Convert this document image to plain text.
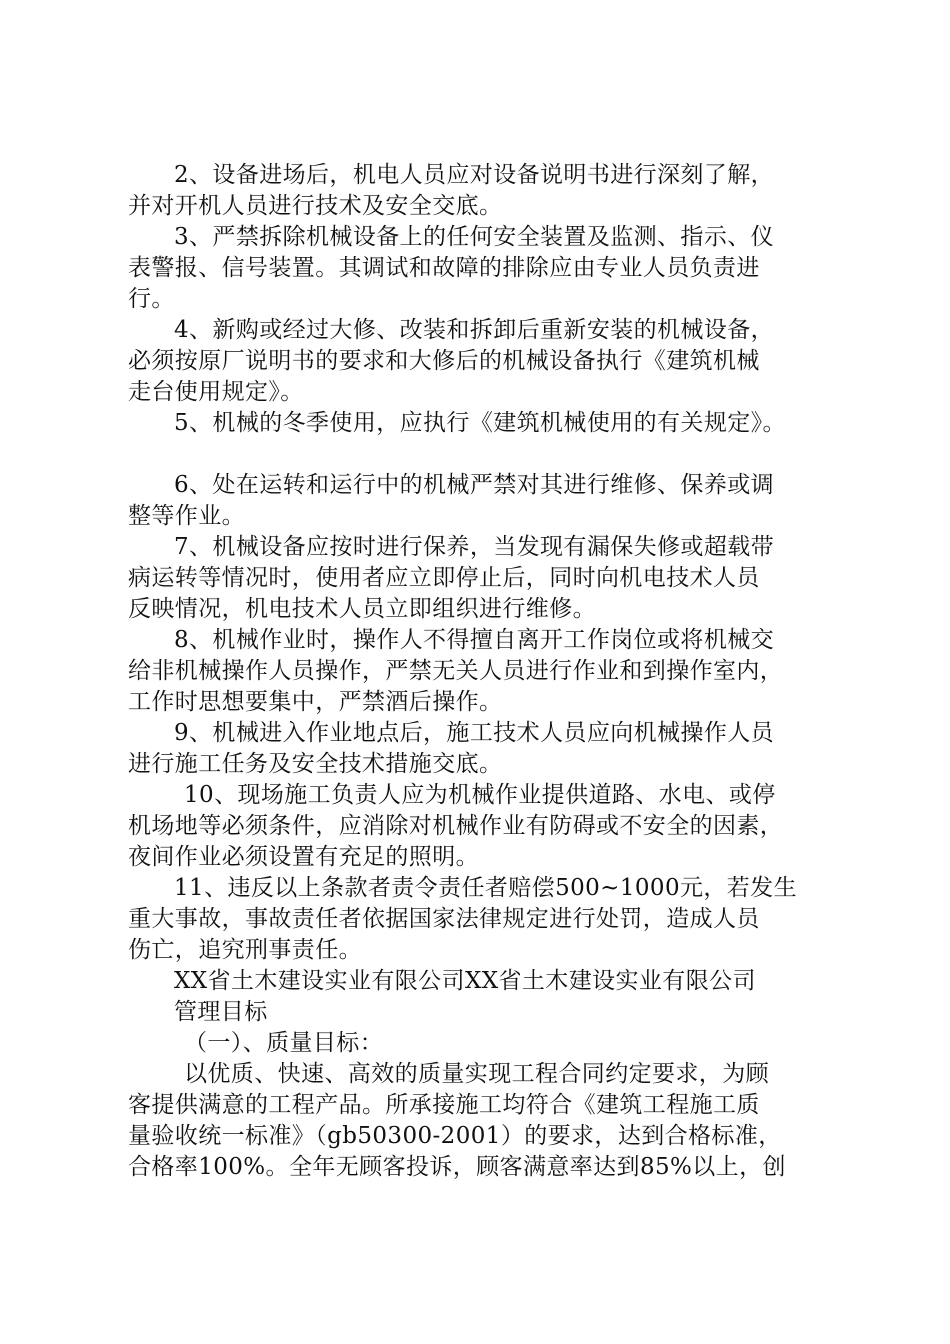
2、设备进场后，机电人员应对设备说明书进行深刻了解，
并对开机人员进行技术及安全交底。

3、严禁拆除机械设备上的任何安全装置及监测、指示、仪
表警报、信号装置。其调试和故障的排除应由专业人员负责进
行。

4、新购或经过大修、改装和拆卸后重新安装的机械设备，
必须按原厂说明书的要求和大修后的机械设备执行《建筑机械
走台使用规定》。

5、机械的冬季使用，应执行《建筑机械使用的有关规定》。

6、处在运转和运行中的机械严禁对其进行维修、保养或调
整等作业。

7、机械设备应按时进行保养，当发现有漏保失修或超载带
病运转等情况时，使用者应立即停止后，同时向机电技术人员
反映情况，机电技术人员立即组织进行维修。

8、机械作业时，操作人不得擅自离开工作岗位或将机械交
给非机械操作人员操作，严禁无关人员进行作业和到操作室内，
工作时思想要集中，严禁酒后操作。

9、机械进入作业地点后，施工技术人员应向机械操作人员
进行施工任务及安全技术措施交底。

10、现场施工负责人应为机械作业提供道路、水电、或停
机场地等必须条件，应消除对机械作业有防碍或不安全的因素，
夜间作业必须设置有充足的照明。

11、违反以上条款者责令责任者赔偿500~1000元，若发生
重大事故，事故责任者依据国家法律规定进行处罚，造成人员
伤亡，追究刑事责任。

XX省土木建设实业有限公司XX省土木建设实业有限公司

管理目标

（一）、质量目标：

以优质、快速、高效的质量实现工程合同约定要求，为顾
客提供满意的工程产品。所承接施工均符合《建筑工程施工质
量验收统一标准》（gb50300-2001）的要求，达到合格标准，
合格率100%。全年无顾客投诉，顾客满意率达到85%以上，创
